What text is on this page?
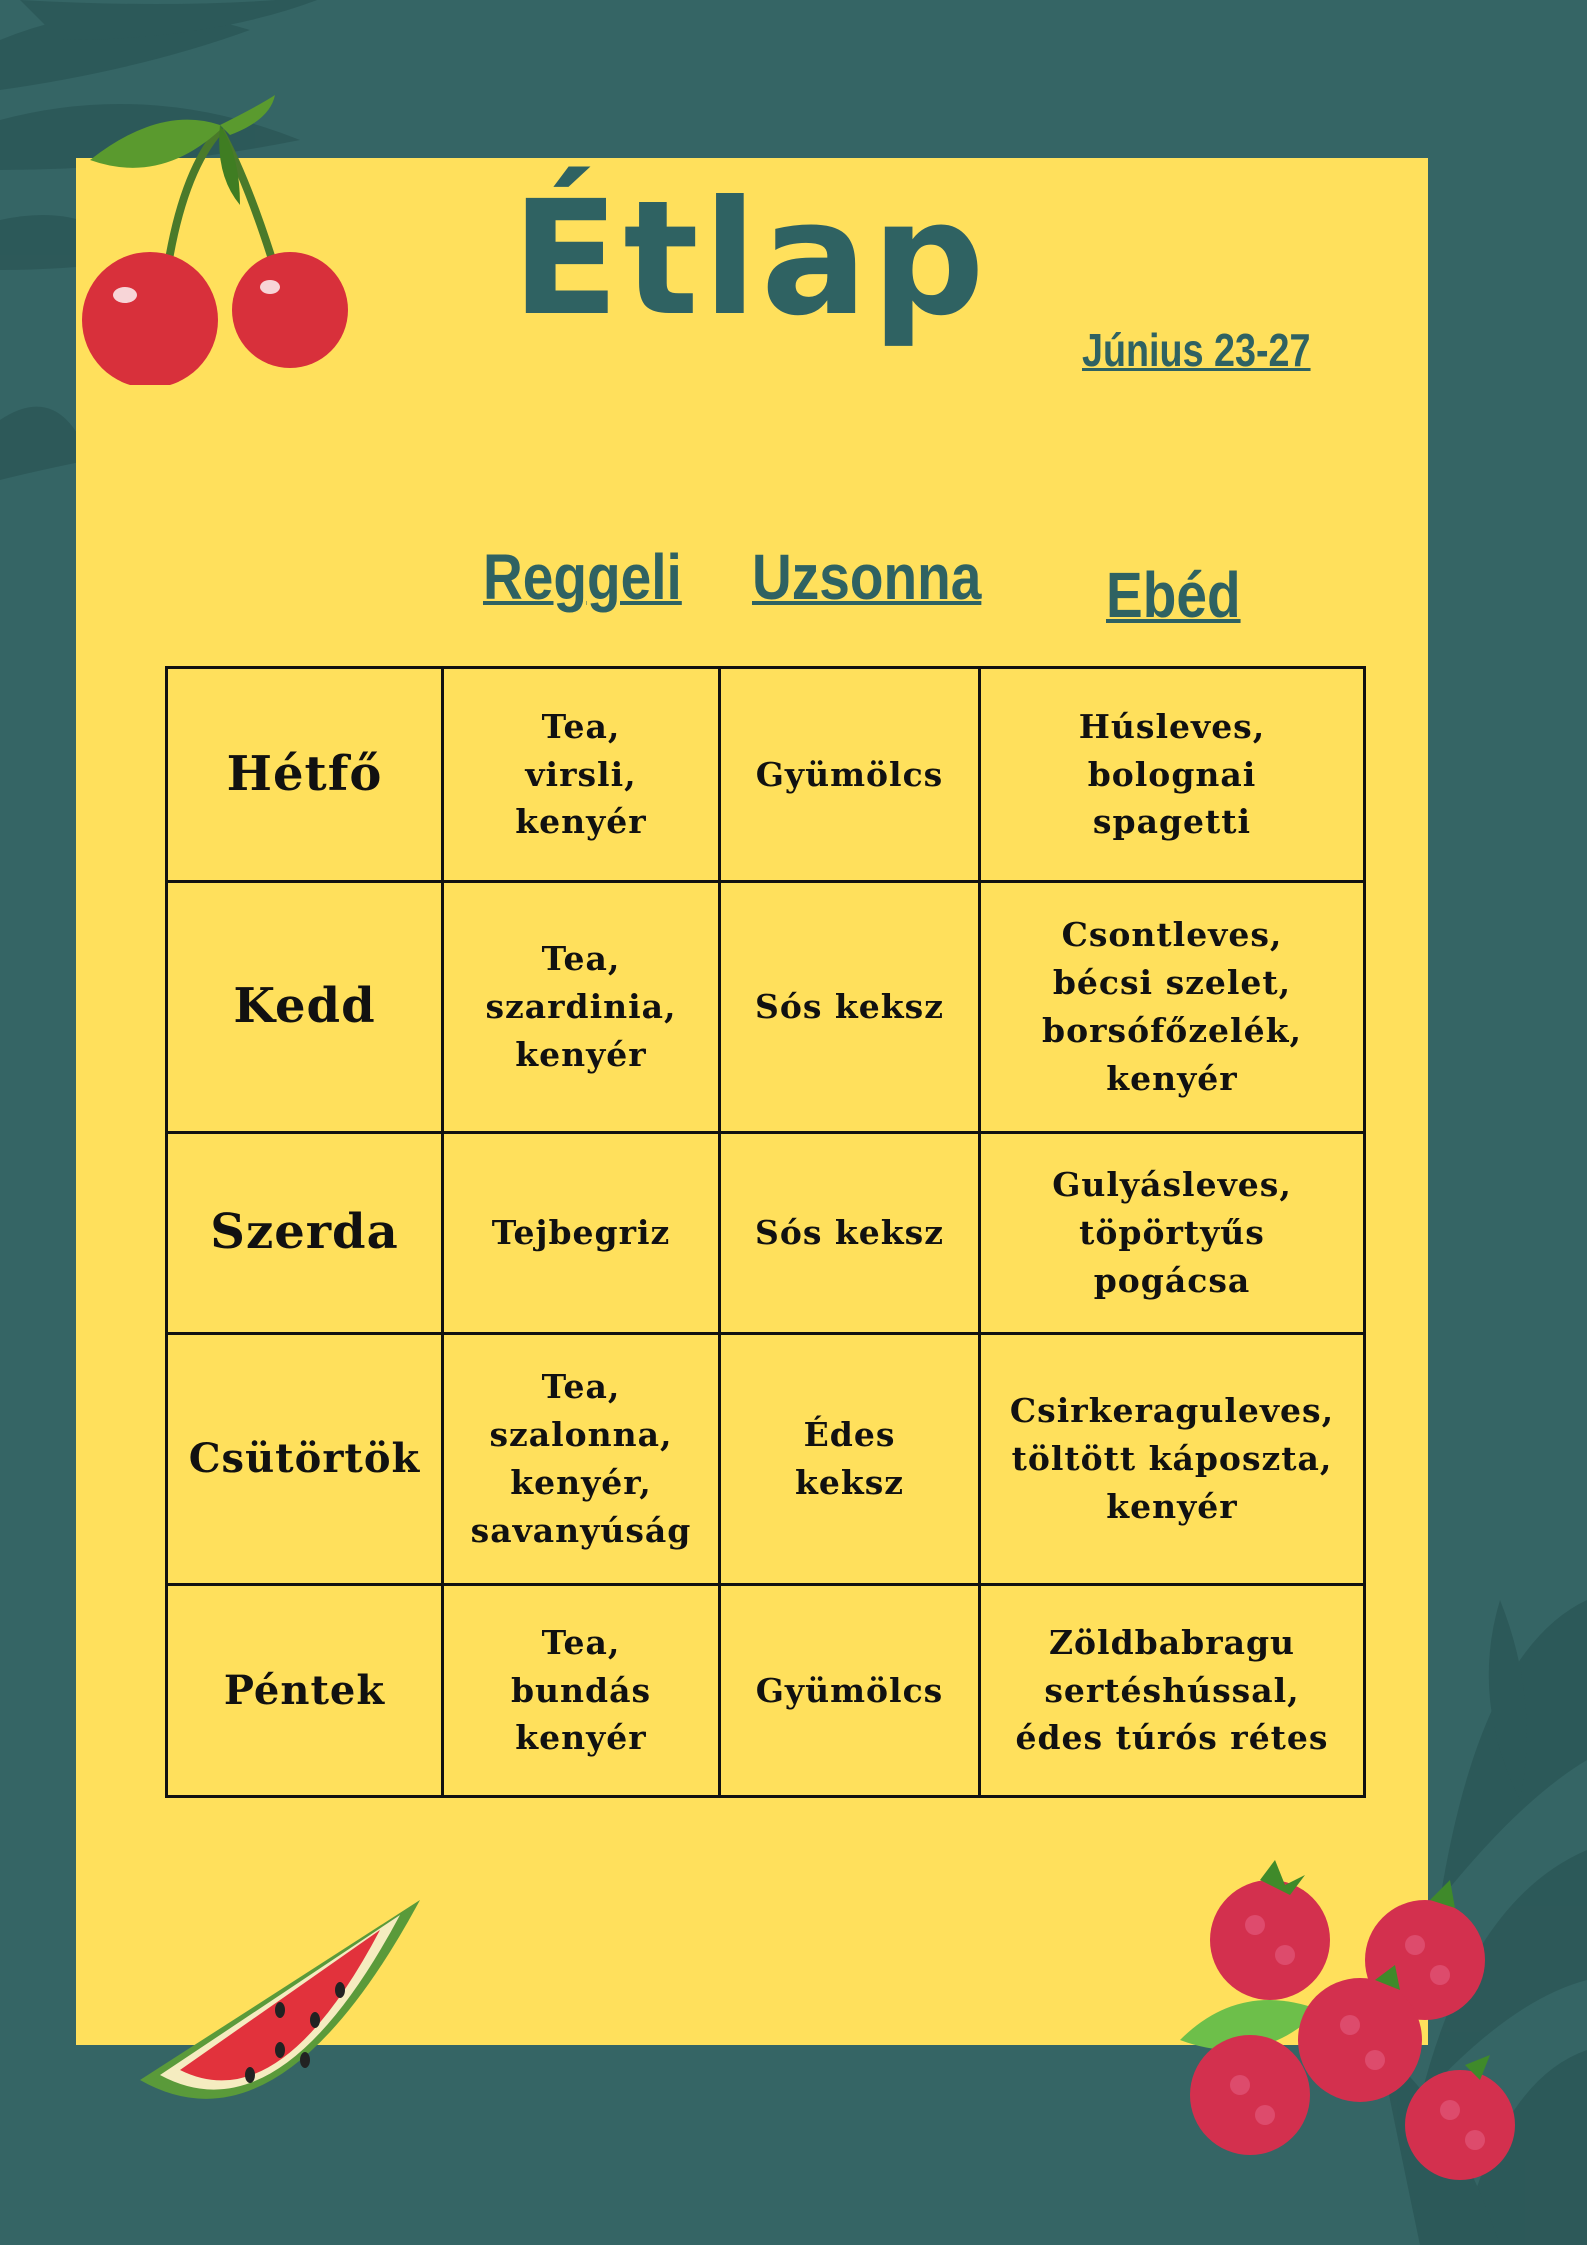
Étlap	Június 23-27
Reggeli Uzsonna Ebéd
Hétfő	Tea,
virsli,
kenyér	Gyümölcs	Húsleves,
bolognai
spagetti
Kedd	Tea,
szardinia,
kenyér	Sós keksz	Csontleves,
bécsi szelet,
borsófőzelék,
kenyér
Szerda	Tejbegriz	Sós keksz	Gulyásleves,
töpörtyűs
pogácsa
Csütörtök	Tea,
szalonna,
kenyér,
savanyúság	Édes
keksz	Csirkeraguleves,
töltött káposzta,
kenyér
Péntek	Tea,
bundás
kenyér	Gyümölcs	Zöldbabragu
sertéshússal,
édes túrós rétes
